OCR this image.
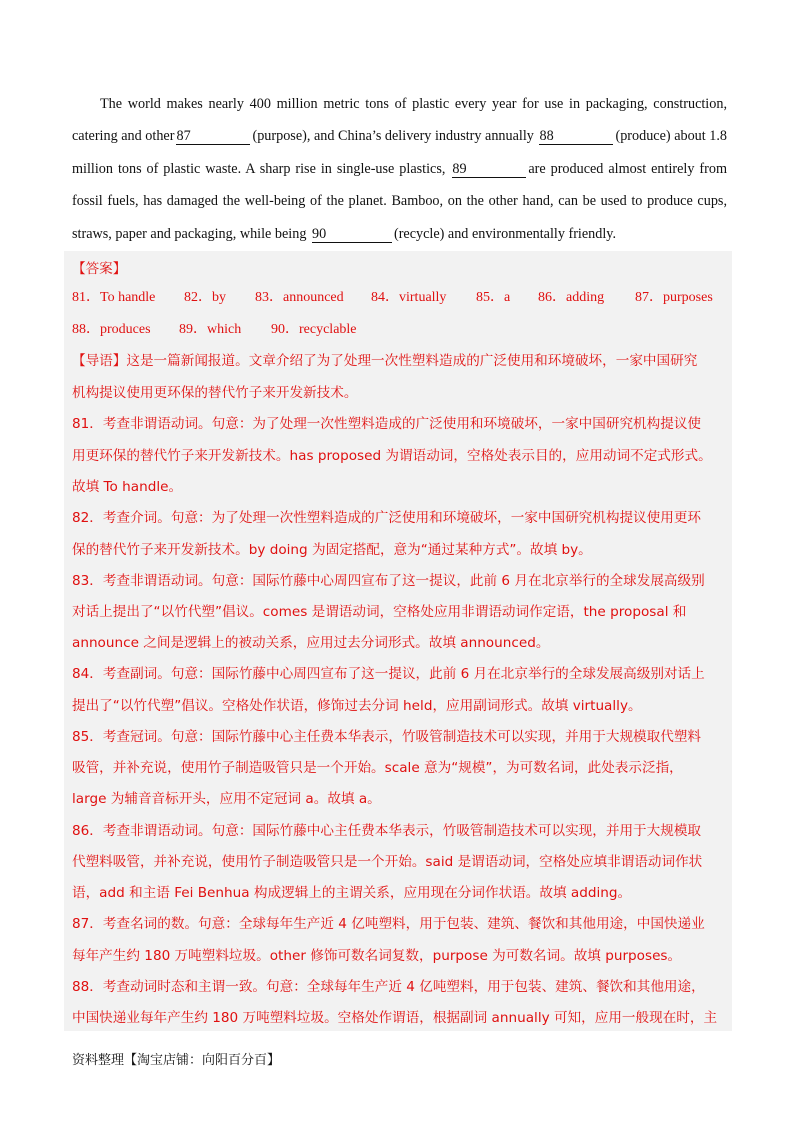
The world makes nearly 400 million metric tons of plastic every year for use in packaging, construction, catering and other 87	(purpose), and China’s delivery industry annually 88	(produce) about 1.8 million tons of plastic waste. A sharp rise in single-use plastics, 89	are produced almost entirely from fossil fuels, has damaged the well-being of the planet. Bamboo, on the other hand, can be used to produce cups, straws, paper and packaging, while being 90	(recycle) and environmentally friendly.
【答案】
81．To handle 82．by 83．announced 84．virtually 85．a 86．adding 87．purposes
88．produces 89．which 90．recyclable
【导语】这是一篇新闻报道。文章介绍了为了处理一次性塑料造成的广泛使用和环境破坏，一家中国研究
机构提议使用更环保的替代竹子来开发新技术。
81．考查非谓语动词。句意：为了处理一次性塑料造成的广泛使用和环境破坏，一家中国研究机构提议使
用更环保的替代竹子来开发新技术。has proposed 为谓语动词，空格处表示目的，应用动词不定式形式。
故填 To handle。
82．考查介词。句意：为了处理一次性塑料造成的广泛使用和环境破坏，一家中国研究机构提议使用更环
保的替代竹子来开发新技术。by doing 为固定搭配，意为“通过某种方式”。故填 by。
83．考查非谓语动词。句意：国际竹藤中心周四宣布了这一提议，此前 6 月在北京举行的全球发展高级别
对话上提出了“以竹代塑”倡议。comes 是谓语动词，空格处应用非谓语动词作定语，the proposal 和
announce 之间是逻辑上的被动关系，应用过去分词形式。故填 announced。
84．考查副词。句意：国际竹藤中心周四宣布了这一提议，此前 6 月在北京举行的全球发展高级别对话上
提出了“以竹代塑”倡议。空格处作状语，修饰过去分词 held，应用副词形式。故填 virtually。
85．考查冠词。句意：国际竹藤中心主任费本华表示，竹吸管制造技术可以实现，并用于大规模取代塑料
吸管，并补充说，使用竹子制造吸管只是一个开始。scale 意为“规模”，为可数名词，此处表示泛指，
large 为辅音音标开头，应用不定冠词 a。故填 a。
86．考查非谓语动词。句意：国际竹藤中心主任费本华表示，竹吸管制造技术可以实现，并用于大规模取
代塑料吸管，并补充说，使用竹子制造吸管只是一个开始。said 是谓语动词，空格处应填非谓语动词作状
语，add 和主语 Fei Benhua 构成逻辑上的主谓关系，应用现在分词作状语。故填 adding。
87．考查名词的数。句意：全球每年生产近 4 亿吨塑料，用于包装、建筑、餐饮和其他用途，中国快递业
每年产生约 180 万吨塑料垃圾。other 修饰可数名词复数，purpose 为可数名词。故填 purposes。
88．考查动词时态和主谓一致。句意：全球每年生产近 4 亿吨塑料，用于包装、建筑、餐饮和其他用途，
中国快递业每年产生约 180 万吨塑料垃圾。空格处作谓语，根据副词 annually 可知，应用一般现在时，主
资料整理【淘宝店铺：向阳百分百】
